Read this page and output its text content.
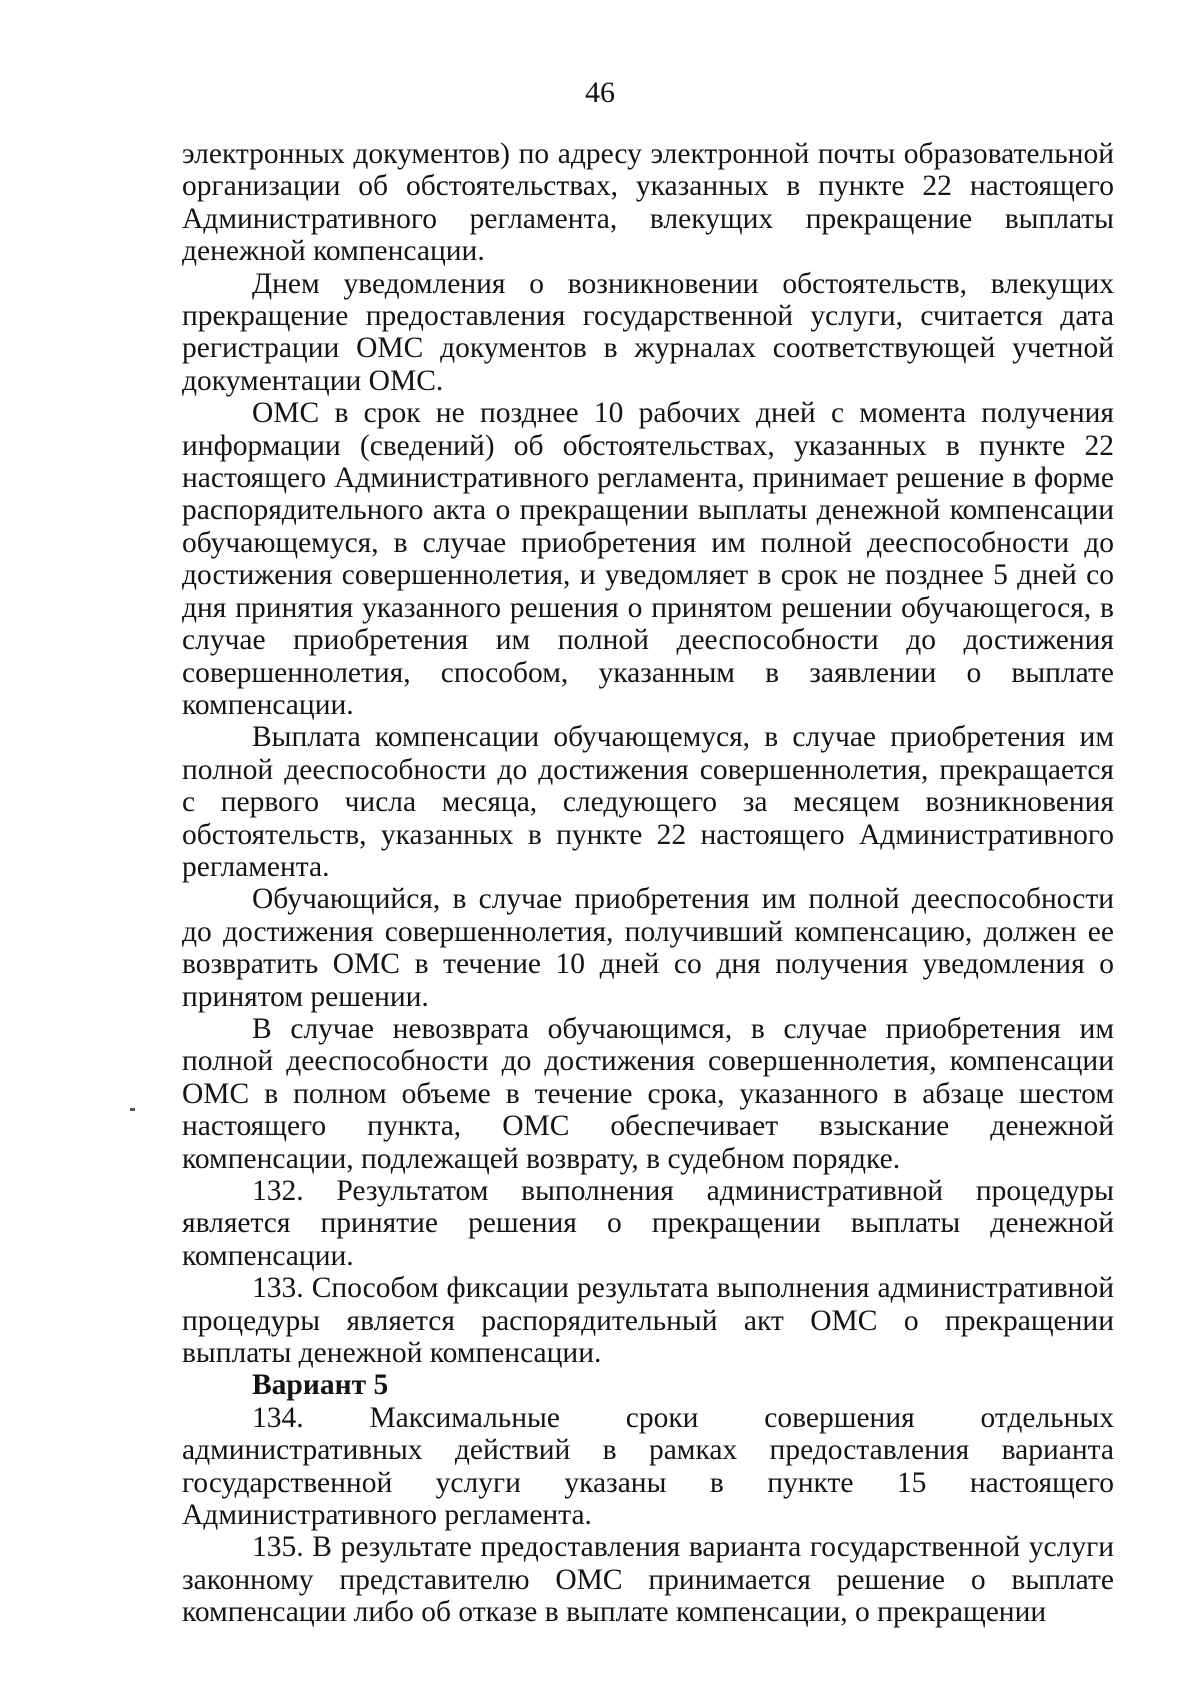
46

электронных документов) по адресу электронной почты образовательной организации об обстоятельствах, указанных в пункте 22 настоящего Административного регламента, влекущих прекращение выплаты денежной компенсации.

Днем уведомления о возникновении обстоятельств, влекущих прекращение предоставления государственной услуги, считается дата регистрации ОМС документов в журналах соответствующей учетной документации ОМС.

ОМС в срок не позднее 10 рабочих дней с момента получения информации (сведений) об обстоятельствах, указанных в пункте 22 настоящего Административного регламента, принимает решение в форме распорядительного акта о прекращении выплаты денежной компенсации обучающемуся, в случае приобретения им полной дееспособности до достижения совершеннолетия, и уведомляет в срок не позднее 5 дней со дня принятия указанного решения о принятом решении обучающегося, в случае приобретения им полной дееспособности до достижения совершеннолетия, способом, указанным в заявлении о выплате компенсации.

Выплата компенсации обучающемуся, в случае приобретения им полной дееспособности до достижения совершеннолетия, прекращается с первого числа месяца, следующего за месяцем возникновения обстоятельств, указанных в пункте 22 настоящего Административного регламента.

Обучающийся, в случае приобретения им полной дееспособности до достижения совершеннолетия, получивший компенсацию, должен ее возвратить ОМС в течение 10 дней со дня получения уведомления о принятом решении.

В случае невозврата обучающимся, в случае приобретения им полной дееспособности до достижения совершеннолетия, компенсации ОМС в полном объеме в течение срока, указанного в абзаце шестом настоящего пункта, ОМС обеспечивает взыскание денежной компенсации, подлежащей возврату, в судебном порядке.

132. Результатом выполнения административной процедуры является принятие решения о прекращении выплаты денежной компенсации.

133. Способом фиксации результата выполнения административной процедуры является распорядительный акт ОМС о прекращении выплаты денежной компенсации.

Вариант 5

134. Максимальные сроки совершения отдельных административных действий в рамках предоставления варианта государственной услуги указаны в пункте 15 настоящего Административного регламента.

135. В результате предоставления варианта государственной услуги законному представителю ОМС принимается решение о выплате компенсации либо об отказе в выплате компенсации, о прекращении
